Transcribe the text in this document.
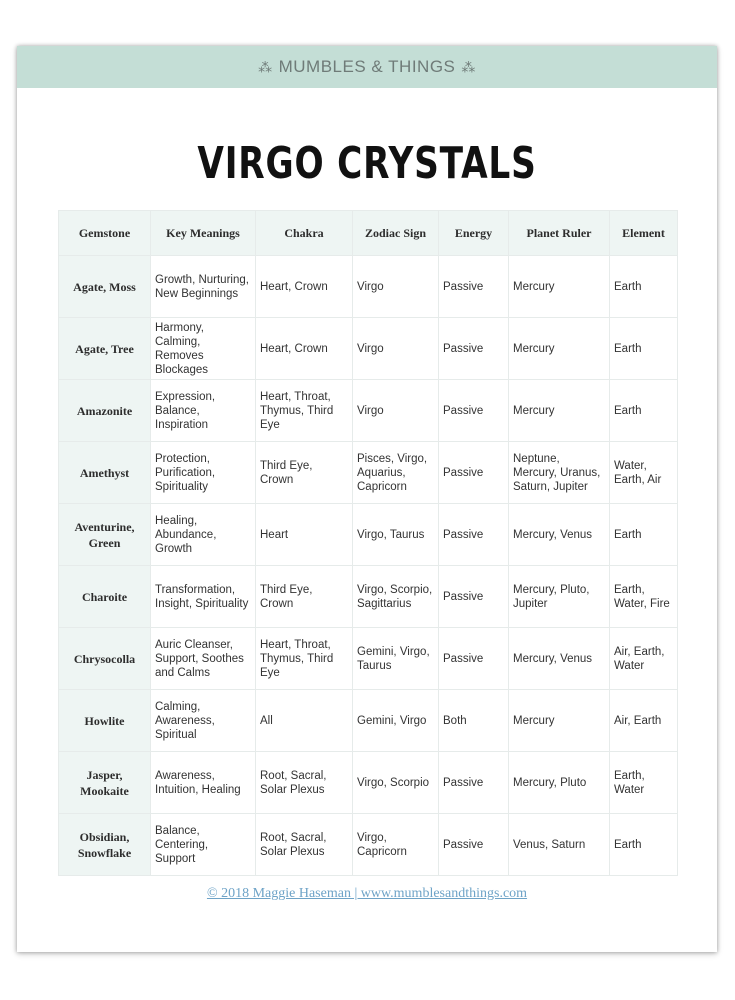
⁂ MUMBLES & THINGS ⁂
VIRGO CRYSTALS
Gemstone	Key Meanings	Chakra	Zodiac Sign	Energy	Planet Ruler	Element
Agate, Moss	Growth, Nurturing, New Beginnings	Heart, Crown	Virgo	Passive	Mercury	Earth
Agate, Tree	Harmony, Calming, Removes Blockages	Heart, Crown	Virgo	Passive	Mercury	Earth
Amazonite	Expression, Balance, Inspiration	Heart, Throat, Thymus, Third Eye	Virgo	Passive	Mercury	Earth
Amethyst	Protection, Purification, Spirituality	Third Eye, Crown	Pisces, Virgo, Aquarius, Capricorn	Passive	Neptune, Mercury, Uranus, Saturn, Jupiter	Water, Earth, Air
Aventurine, Green	Healing, Abundance, Growth	Heart	Virgo, Taurus	Passive	Mercury, Venus	Earth
Charoite	Transformation, Insight, Spirituality	Third Eye, Crown	Virgo, Scorpio, Sagittarius	Passive	Mercury, Pluto, Jupiter	Earth, Water, Fire
Chrysocolla	Auric Cleanser, Support, Soothes and Calms	Heart, Throat, Thymus, Third Eye	Gemini, Virgo, Taurus	Passive	Mercury, Venus	Air, Earth, Water
Howlite	Calming, Awareness, Spiritual	All	Gemini, Virgo	Both	Mercury	Air, Earth
Jasper, Mookaite	Awareness, Intuition, Healing	Root, Sacral, Solar Plexus	Virgo, Scorpio	Passive	Mercury, Pluto	Earth, Water
Obsidian, Snowflake	Balance, Centering, Support	Root, Sacral, Solar Plexus	Virgo, Capricorn	Passive	Venus, Saturn	Earth
© 2018 Maggie Haseman | www.mumblesandthings.com
